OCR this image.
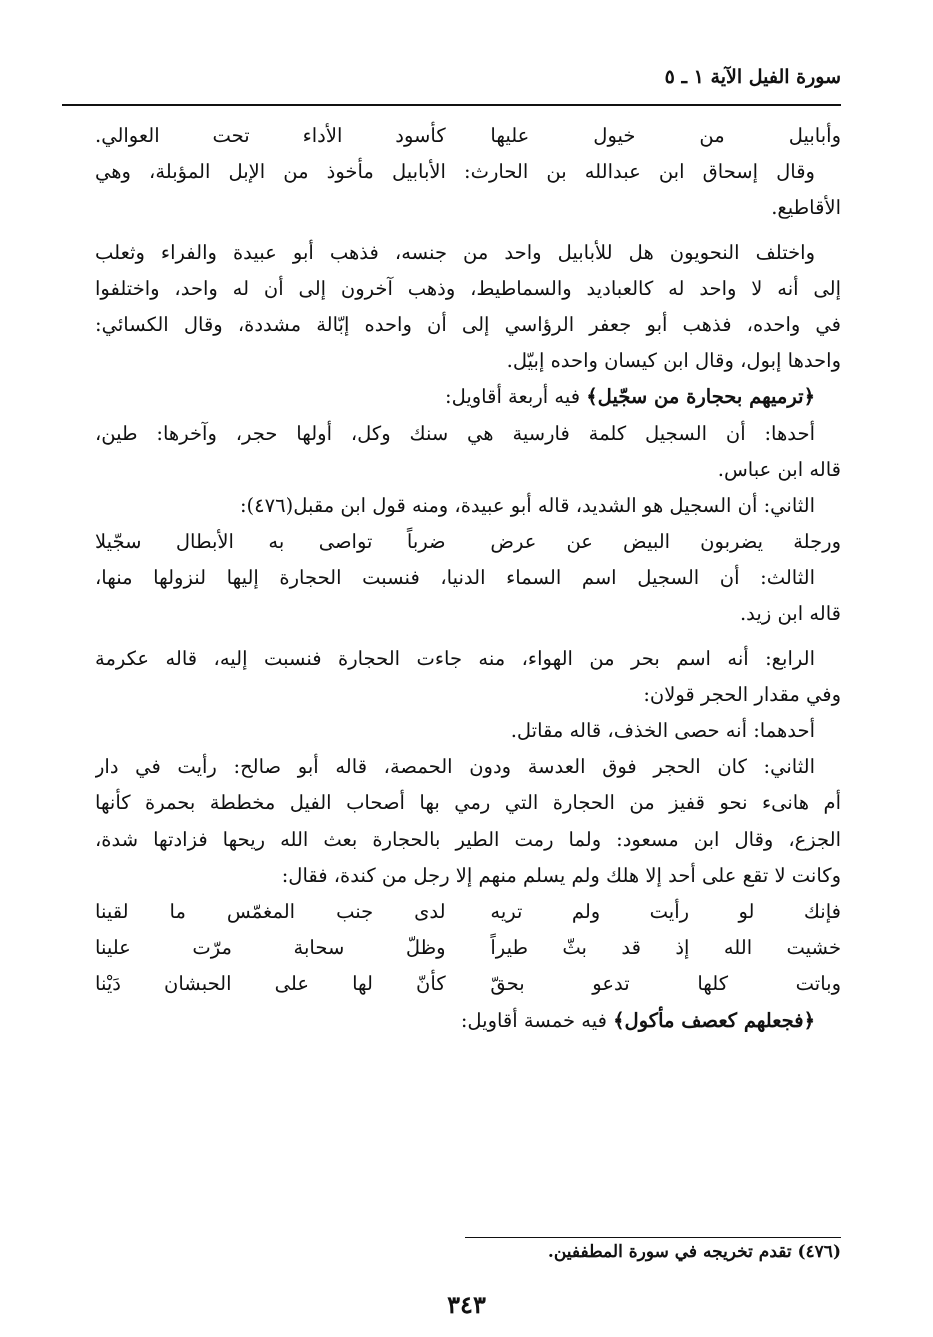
سورة الفيل الآية ١ ـ ٥
وأبابيل من خيول عليها
كأسود الأداء تحت العوالي.
وقال إسحاق ابن عبدالله بن الحارث: الأبابيل مأخوذ من الإبل المؤبلة، وهي
الأقاطيع.
واختلف النحويون هل للأبابيل واحد من جنسه، فذهب أبو عبيدة والفراء وثعلب
إلى أنه لا واحد له كالعباديد والسماطيط، وذهب آخرون إلى أن له واحد، واختلفوا
في واحده، فذهب أبو جعفر الرؤاسي إلى أن واحده إبّالة مشددة، وقال الكسائي:
واحدها إبول، وقال ابن كيسان واحده إبيّل.
﴿ترميهم بحجارة من سجّيل﴾ فيه أربعة أقاويل:
أحدها: أن السجيل كلمة فارسية هي سنك وكل، أولها حجر، وآخرها: طين،
قاله ابن عباس.
الثاني: أن السجيل هو الشديد، قاله أبو عبيدة، ومنه قول ابن مقبل(٤٧٦):
ورجلة يضربون البيض عن عرض
ضرباً تواصى به الأبطال سجّيلا
الثالث: أن السجيل اسم السماء الدنيا، فنسبت الحجارة إليها لنزولها منها،
قاله ابن زيد.
الرابع: أنه اسم بحر من الهواء، منه جاءت الحجارة فنسبت إليه، قاله عكرمة
وفي مقدار الحجر قولان:
أحدهما: أنه حصى الخذف، قاله مقاتل.
الثاني: كان الحجر فوق العدسة ودون الحمصة، قاله أبو صالح: رأيت في دار
أم هانىء نحو قفيز من الحجارة التي رمي بها أصحاب الفيل مخططة بحمرة كأنها
الجزع، وقال ابن مسعود: ولما رمت الطير بالحجارة بعث الله ريحها فزادتها شدة،
وكانت لا تقع على أحد إلا هلك ولم يسلم منهم إلا رجل من كندة، فقال:
فإنك لو رأيت ولم تريه
لدى جنب المغمّس ما لقينا
خشيت الله إذ قد بثّ طيراً
وظلّ سحابة مرّت علينا
وباتت كلها تدعو بحقّ
كأنّ لها على الحبشان دَيْنا
﴿فجعلهم كعصف مأكول﴾ فيه خمسة أقاويل:
(٤٧٦) تقدم تخريجه في سورة المطففين.
٣٤٣
